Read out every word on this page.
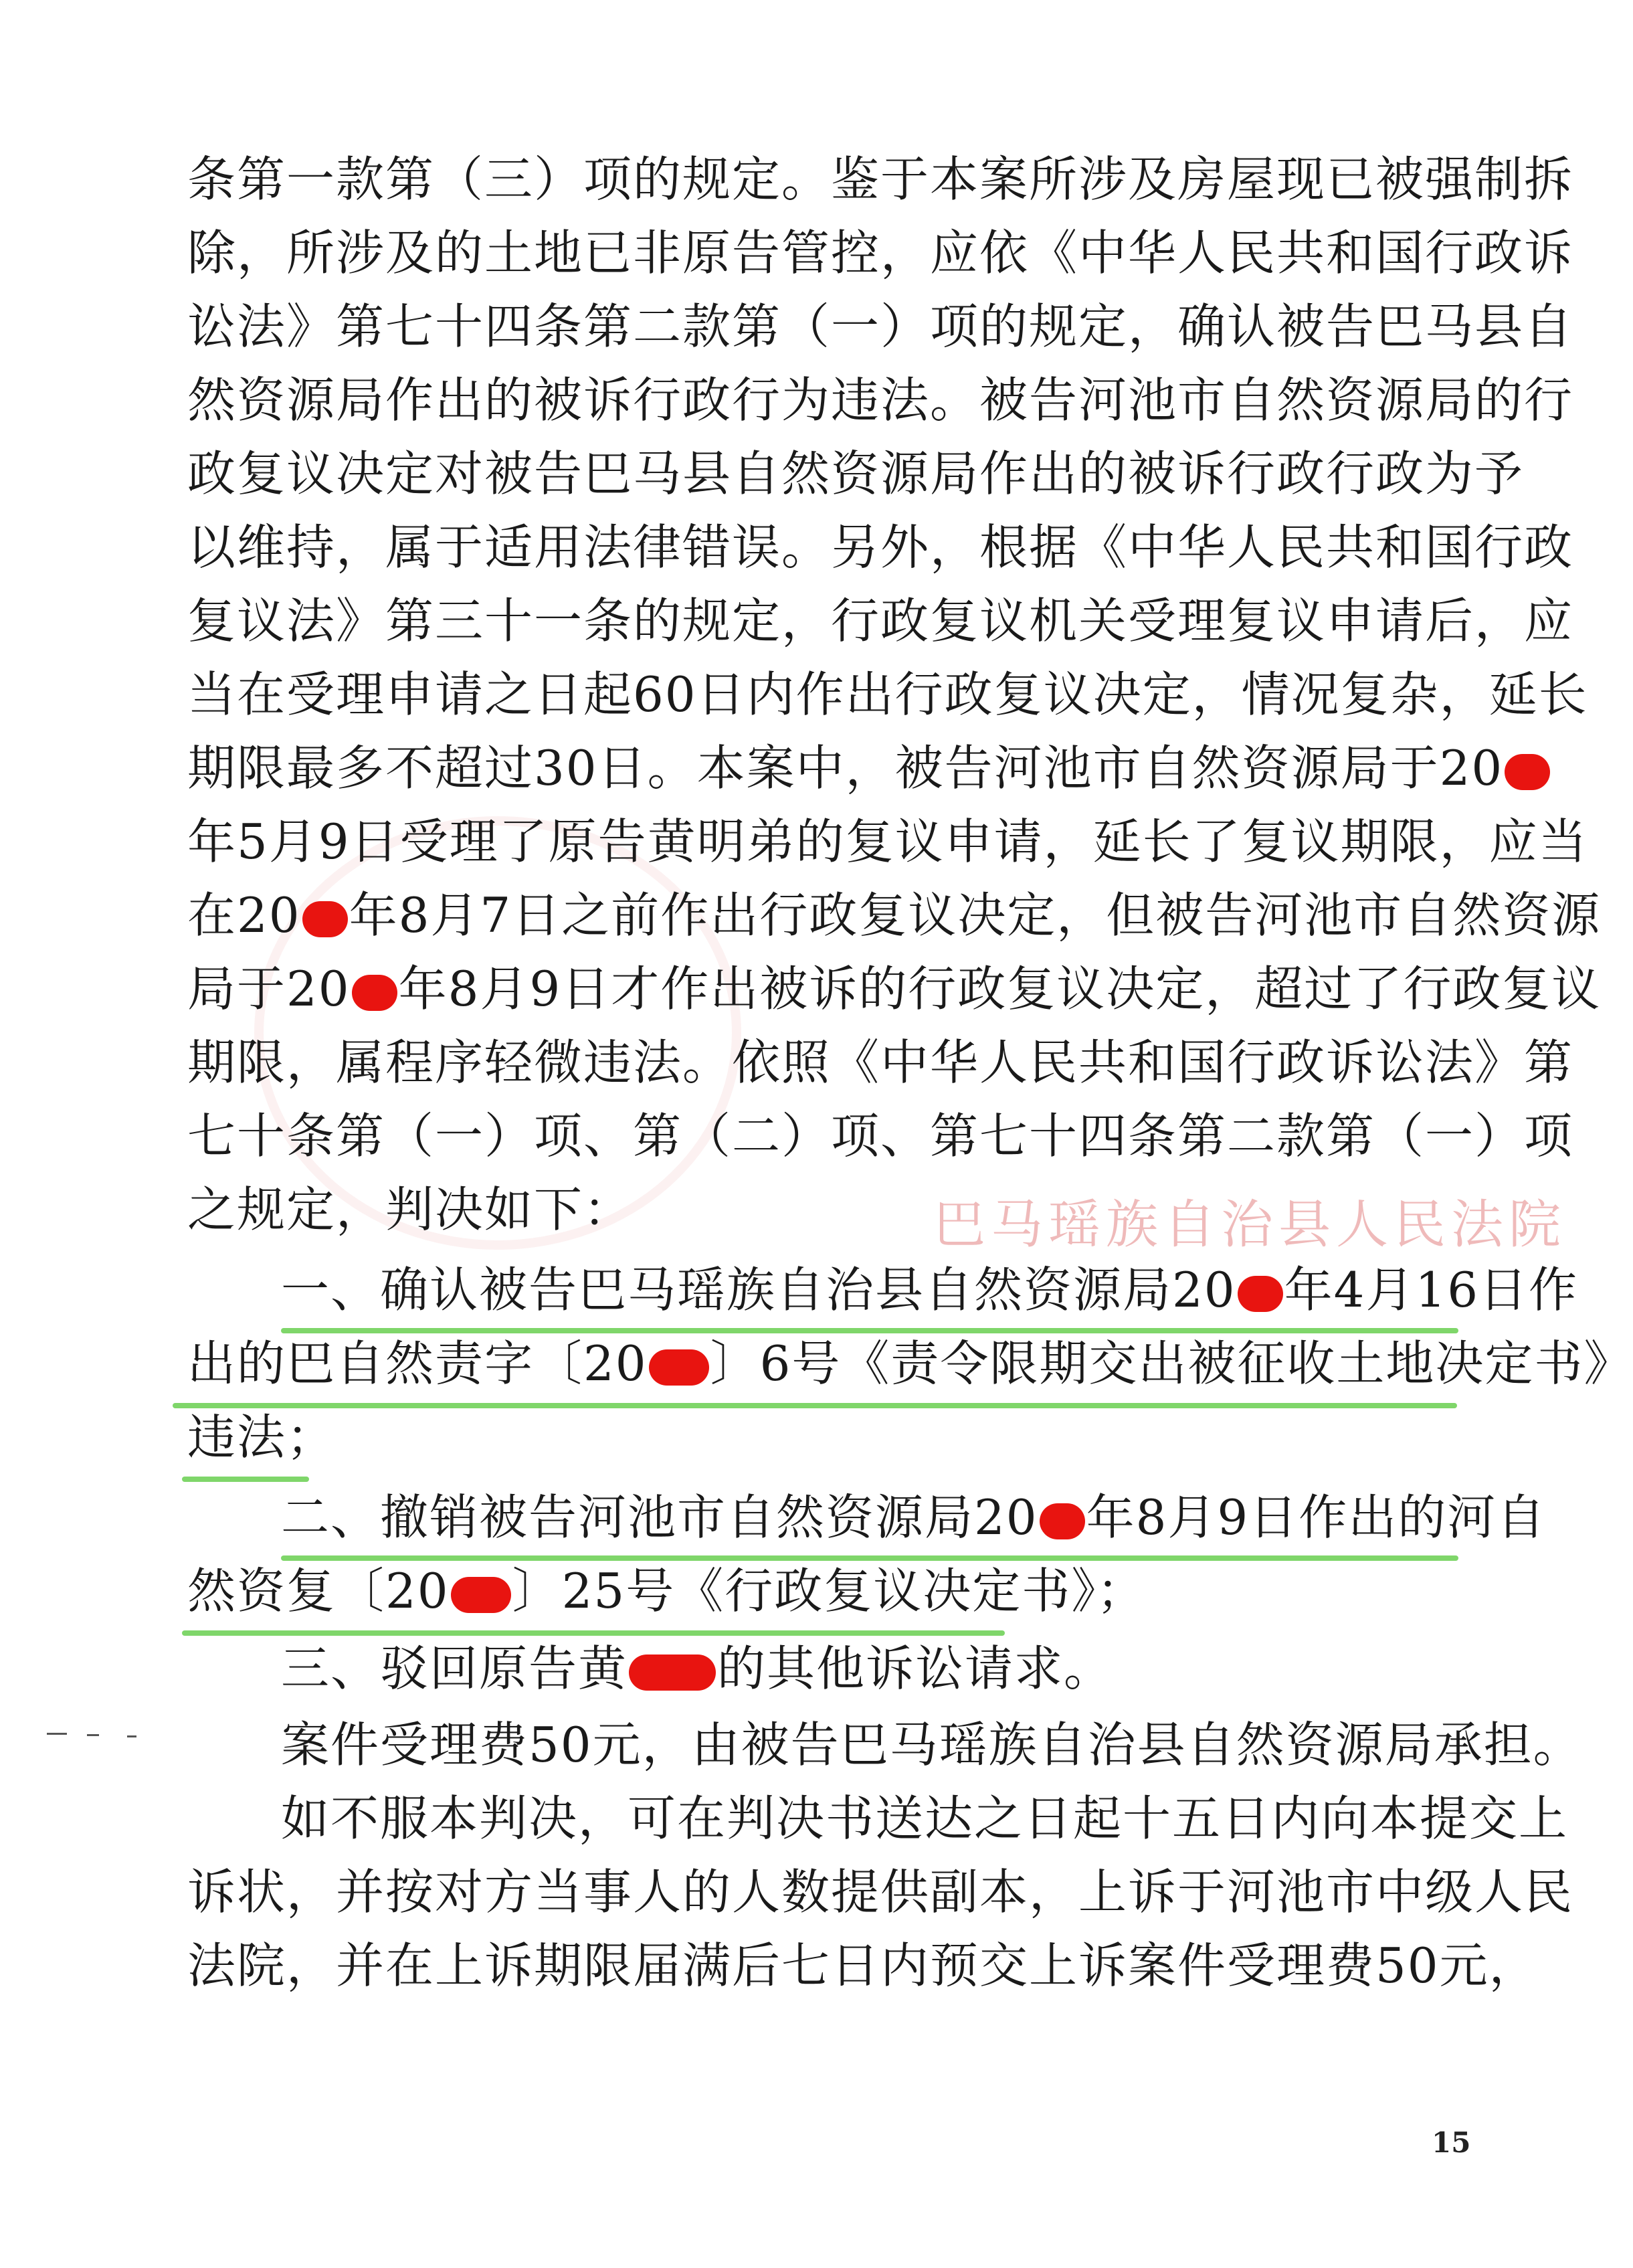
巴马瑶族自治县人民法院
条第一款第（三）项的规定。鉴于本案所涉及房屋现已被强制拆
除，所涉及的土地已非原告管控，应依《中华人民共和国行政诉
讼法》第七十四条第二款第（一）项的规定，确认被告巴马县自
然资源局作出的被诉行政行为违法。被告河池市自然资源局的行
政复议决定对被告巴马县自然资源局作出的被诉行政行政为予
以维持，属于适用法律错误。另外，根据《中华人民共和国行政
复议法》第三十一条的规定，行政复议机关受理复议申请后，应
当在受理申请之日起60日内作出行政复议决定，情况复杂，延长
期限最多不超过30日。本案中，被告河池市自然资源局于20
年5月9日受理了原告黄明弟的复议申请，延长了复议期限，应当
在20 年8月7日之前作出行政复议决定，但被告河池市自然资源
局于20 年8月9日才作出被诉的行政复议决定，超过了行政复议
期限，属程序轻微违法。依照《中华人民共和国行政诉讼法》第
七十条第（一）项、第（二）项、第七十四条第二款第（一）项
之规定，判决如下：
一、确认被告巴马瑶族自治县自然资源局20 年4月16日作
出的巴自然责字〔20 〕6号《责令限期交出被征收土地决定书》
违法；
二、撤销被告河池市自然资源局20 年8月9日作出的河自
然资复〔20 〕25号《行政复议决定书》；
三、驳回原告黄 的其他诉讼请求。
案件受理费50元，由被告巴马瑶族自治县自然资源局承担。
如不服本判决，可在判决书送达之日起十五日内向本提交上
诉状，并按对方当事人的人数提供副本，上诉于河池市中级人民
法院，并在上诉期限届满后七日内预交上诉案件受理费50元，
15
